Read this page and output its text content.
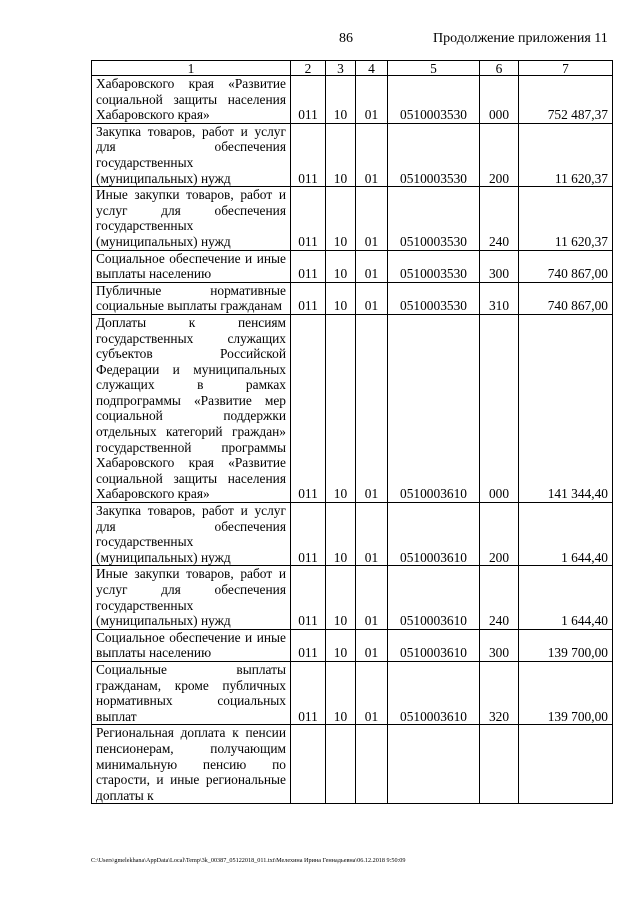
86	Продолжение приложения 11
1	2	3	4	5	6	7
Хабаровского края «Развитие социальной защиты населения Хабаровского края»	011	10	01	0510003530	000	752 487,37
Закупка товаров, работ и услуг для обеспечения государственных (муниципальных) нужд	011	10	01	0510003530	200	11 620,37
Иные закупки товаров, работ и услуг для обеспечения государственных (муниципальных) нужд	011	10	01	0510003530	240	11 620,37
Социальное обеспечение и иные выплаты населению	011	10	01	0510003530	300	740 867,00
Публичные нормативные социальные выплаты гражданам	011	10	01	0510003530	310	740 867,00
Доплаты к пенсиям государственных служащих субъектов Российской Федерации и муниципальных служащих в рамках подпрограммы «Развитие мер социальной поддержки отдельных категорий граждан» государственной программы Хабаровского края «Развитие социальной защиты населения Хабаровского края»	011	10	01	0510003610	000	141 344,40
Закупка товаров, работ и услуг для обеспечения государственных (муниципальных) нужд	011	10	01	0510003610	200	1 644,40
Иные закупки товаров, работ и услуг для обеспечения государственных (муниципальных) нужд	011	10	01	0510003610	240	1 644,40
Социальное обеспечение и иные выплаты населению	011	10	01	0510003610	300	139 700,00
Социальные выплаты гражданам, кроме публичных нормативных социальных выплат	011	10	01	0510003610	320	139 700,00
Региональная доплата к пенсии пенсионерам, получающим минимальную пенсию по старости, и иные региональные доплаты к						
C:\Users\gmelekhana\AppData\Local\Temp\3k_00387_05122018_011.txt\Мелехина Ирина Геннадьевна\06.12.2018 9:50:09
